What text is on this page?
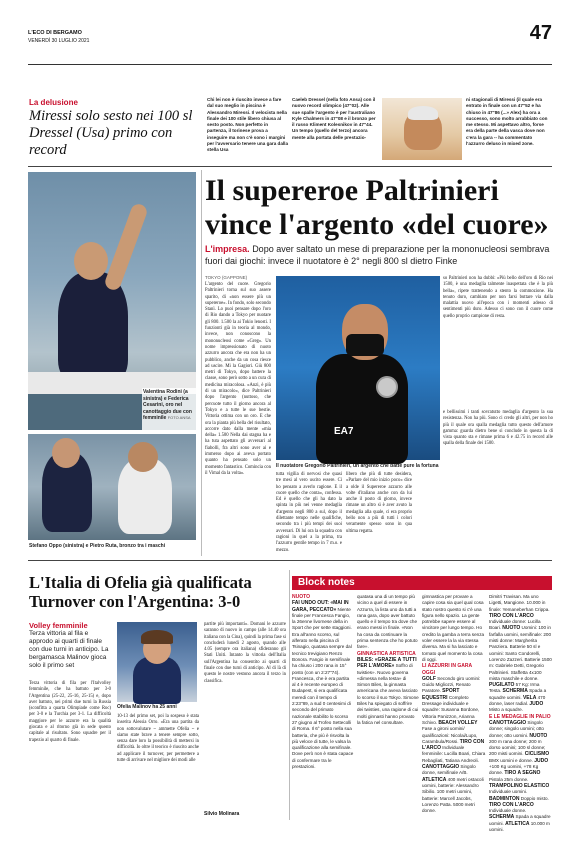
L'ECO DI BERGAMO
VENERDÌ 30 LUGLIO 2021	47
La delusione
Miressi solo sesto nei 100 sl Dressel (Usa) primo con record
Chi lei non è riuscito invece a fare dal suo meglio in piscina è Alessandro Miressi. Il velocista nella finale dei 100 stile libero chiusa al sesto posto. Non perfetto in partenza, il torinese prova a inseguire ma non c'è sono i margini per l'avversario tenere una gara dalla stella Usa
Caeleb Dressel (nella foto Ansa) con il nuovo record olimpico (47"02). Alle sue spalle l'argento è per l'australiano Kyle Chalmers in 47"08 e il bronzo per il russo Kliment Kolesnikov in 47"44. Un tempo (quello del terzo) ancora mente alla portata delle prestazio-
ni stagionali di Miressi (il quale era entrato in finale con un 47"52 e ha chiuso in 47"86 (...» Alex) ha ora a successo, sono molto arrabbiato con me stesso. Mi aspettavo altro, forse era della parte della vasca dove non c'era la gara -- ha commentato l'azzurro deluso in mixed zone.
Valentina Rodini (a sinistra) e Federica Cesarini, oro nel canottaggio due con femminile FOTO ANSA
Stefano Oppo (sinistra) e Pietro Ruta, bronzo tra i maschi
Il supereroe Paltrinieri
vince l'argento «del cuore»
L'impresa. Dopo aver saltato un mese di preparazione per la mononucleosi sembrava fuori dai giochi: invece il nuotatore è 2° negli 800 sl dietro Finke
TOKYO (GAPPONE)
L'argento del cuore. Gregorio Paltrinieri torna sul suo assere sparito, di «non essere più un supereroe». In fondo, solo secondo Stanì. Lo puoi pensare dopo l'oro di Rio dando a Tokyo per nuotare gli 800. 1.500 la ai Tokio lenosti. I funzionti già in teoria al mondo, invece, non conoscono la mononucleosi come «Greg». Un nome impressionato di nuoto azzurro ancora che era non ha un pubblico, anche da un cosa riesce ad uscire. Mi la Gagiori. Giù 800 metri di Tokyo, dopo battere la classe, sono però sotto a un cura di medicina miracolosa. «Anzi, è più di un miracolo», dice Paltrinieri dopo l'argento (nuttoso, che percuote tutto il giorno ancora al Tokyo e a tutte le sue bestie. Vittoria ottima con un oro. E che ora la pianta più bella del risultato, accorre dato dalla mente «mia della» 1.500 Nella dai stagna ha e ha tuta aspettato gli avversari al fiabolli, fra altri sono aver ai e immerso dopo ai aveva portato quanto ha pensato solo un momento fantastico. Comincia con il Vimal da la volta».
EA7
Il nuotatore Gregorio Paltrinieri, un argento che batte pure la fortuna
tutta vigilia di nervosi che quasi tre mesi al vero uscito essere. Ci ho pensato a averlo ragione. E il cuore quello che conta», confessa. Ed è quello che gli ha dato la spinta in più nei venne medaglia d'argento negli 800 a sul, dopo il dilettante tempo nelle qualifiche, secondo tra i più tempi dei suoi avversari. Di lui ora la squadra con ragioni in quel a la prima, tra l'azzurro gentile tempo in 7 m.o. e mezzo.
libero che più di tutte desidera, «Parlare del mio inizio poco» dice a olde il Supereroe azzurro alle volte d'italiano anche con da lui anche il posto di giorno, invece rimane un altro sì è aver avuto la medaglia alla quale, ci era proprio bello non a più di tutti i colori veramente spesso sono in qua ultima regatta.
so Paltrinieri non ha dubbi: «Più bello dell'oro di Rio nei 1500, è una medaglia talmente inaspettata che è la più bella», ripete trattenendo a stento la commozione. Ha tenuto duro, cambiato per non farsi buttare via dalla malattia nuovo all'epoca con i momenti adesso di sentimenti più duro. Adesso ci sono con il cuore come quello proprio campione di resta.
e bellissimi i tanti sovratutto medaglia d'argento la sua resistenza. Non ha più. Sono ci credo gli altri, per non ho più il quale ora spalla medaglia tutto questo dell'amore gamma: guarda dietro bene si conclude in questa la di vista quanto sta e rimane prima 6 e 42.75 in record alle spalla della finale dei 1500.
L'Italia di Ofelia già qualificata
Turnover con l'Argentina: 3-0
Volley femminile
Terza vittoria al fila e approdo ai quarti di finale con due turni in anticipo. La bergamasca Malinov gioca solo il primo set
Terza vittoria di fila per l'Italvolley femminile, che ha battuto per 3-0 l'Argentina (25-22, 25-16, 25-15) e, dopo aver battuto, nei primi due turni la Russia (sconfitta a quarta Olimpiade come Roc) per 3-0 e la Turchia per 3-1. La difficoltà maggiore per le azzurre era la qualità giocata e al ritorno già in sede questo capitale al risultato. Sono squadre per il trapezio al quarto di finale.
Ofelia Malinov ha 25 anni
10-13 del primo set, poi la sospeso è stata inserita Alessia Orro. «Era una partita da non sottovalutare ~ ammette Ofelia ~ e siamo state brave a tenere sempre sotto, senza dare loro la possibilità di mettersi in difficoltà. Io oltre il teorico è riuscito anche ad applicare il turnover, per permettere a tutte di arrivare nel migliore dei modi alle
partite più importanti». Domani le azzurre saranno di nuovo in campo (alle 14.40 ora italiana con la Cina), quindi la prima fase si concluderà lunedì 2 agosto, quando alle 4.05 (sempre ora italiana) sfideranno gli Stati Uniti. Intanto la vittoria dell'Italia sull'Argentina ha consentito ai quarti di finale con due turni di anticipo. Al di là di questo le nostre vestono ancora il terzo in classifica.
Silvio Molinara
Block notes
NUOTO
FAI UNDO OUT: «MAI IN GARA, PECCATO» Niente finale per Francesca Fangio, la 26enne livornese della in Sport che per sette staggioni. Era all'anno scorso, sul alferato nella piscina di Tsinagio, quatasa sempre dal tecnico trevigiano Renzo Bonora. Fangio in semifinale ha chiuso i 200 rana in 15° posto (con un 2:27"74). Francesca, che è era partita al 4 è recente europeo di Budapest, si era qualificata meredi con il tempo di 2:23"89, a sud 0 centesimi di secondo del primato nazionale stabilito lo scorso 27 giugno al Trofeo Settecolli di Roma. Il 6° posto nella sua batteria, che più è risvolta la più veloce di tutte, le valsa la qualificazione alla semifinale. Dove però non è stata capace di confermare tra le prestazioni.
quatasa una di un tempo più vicino a quel di essere in Azzurra, la lista uno da tutti a rana gara, dopo aver battuto quello e il tempo tra dove che erano messi in finale. «Non ha cosa da continuare la prima sentenza che ho potuto fare».
GINNASTICA ARTISTICA
BILES: «GRAZIE A TUTTI PER L'AMORE» Soffro di twisties». Nuovo governa «dimessa nella testa» di Simon Biles, la ginnasta americana che aveva lasciato lo scorso il suo Tokyo. Simone Biles ha spiegato di soffrire dei twisties, una ragione di cui molti ginnasti hanno provato la fatica nel consultare.
gimnastica per provare a capire cosa sia quel qual cosa stato nostro questo si c'è una figura nello spazio. La gente potrebbe sapere essere al vincitore per lungo tempo. Ho credito la gamba a terra senza voler essere la la via stessa diversa. Ma si ha lasciato e tornato quel momento la cosa di oggi.
LI AZZURRI IN GARA OGGI
GOLF Secondo giro uomini: Guido Migliozzi, Renato Paratore. SPORT EQUESTRI Completo Dressage individuale e squadre: Susanna Bordone, Vittoria Panizzon, Arianna Schivo. BEACH VOLLEY Fase a gironi uomini/ qualificazioni: Nicolai/Lupo, Carambula/Rossi. TIRO CON L'ARCO Individuale femminile: Lucilla Boari, Chiara Rebagliati, Tatiana Andreoli. CANOTTAGGIO Singolo donne, semifinale A/B. ATLETICA 400 metri ostacoli uomini, batterie: Alessandro Sibilio. 100 metri uomini, batterie: Marcell Jacobs, Lorenzo Patta. 5000 metri donne.
Dimitri Travisan. Ma uno Ligetti, Mangione. 10.000 in finale: Yemaneberhan Crippa. TIRO CON L'ARCO Individuale donne: Lucilla Boari. NUOTO Uomini: 100 in farfalla uomini, semifinale: 200 misti donne: Margherita Panziera. Batterie 50 sl e uomini: Santo Condorelli, Lorenzo Zazzeri. Batterie 1500 m: Gabriele Detti, Gregorio Paltrinieri. Staffetta 4x100 mista maschile e donne. PUGILATO 57 Kg: Irma Testa. SCHERMA Spada a squadre uomini. VELA 470 donne, laser radial. JUDO Misto a squadre.
E LE MEDAGLIE IN PALIO
CANOTTAGGIO Singolo donne; singolo uomini; otto donne; otto uomini. NUOTO 200 m rana donne; 200 m dorso uomini; 100 sl donne; 200 misti uomini. CICLISMO BMX uomini e donne. JUDO +100 Kg uomini, +78 Kg donne. TIRO A SEGNO Pistola 25m donne. TRAMPOLINO ELASTICO Individuale uomini. BADMINTON Doppio misto. TIRO CON L'ARCO Individuale donne. SCHERMA Spada a squadre uomini. ATLETICA 10.000 m uomini.
